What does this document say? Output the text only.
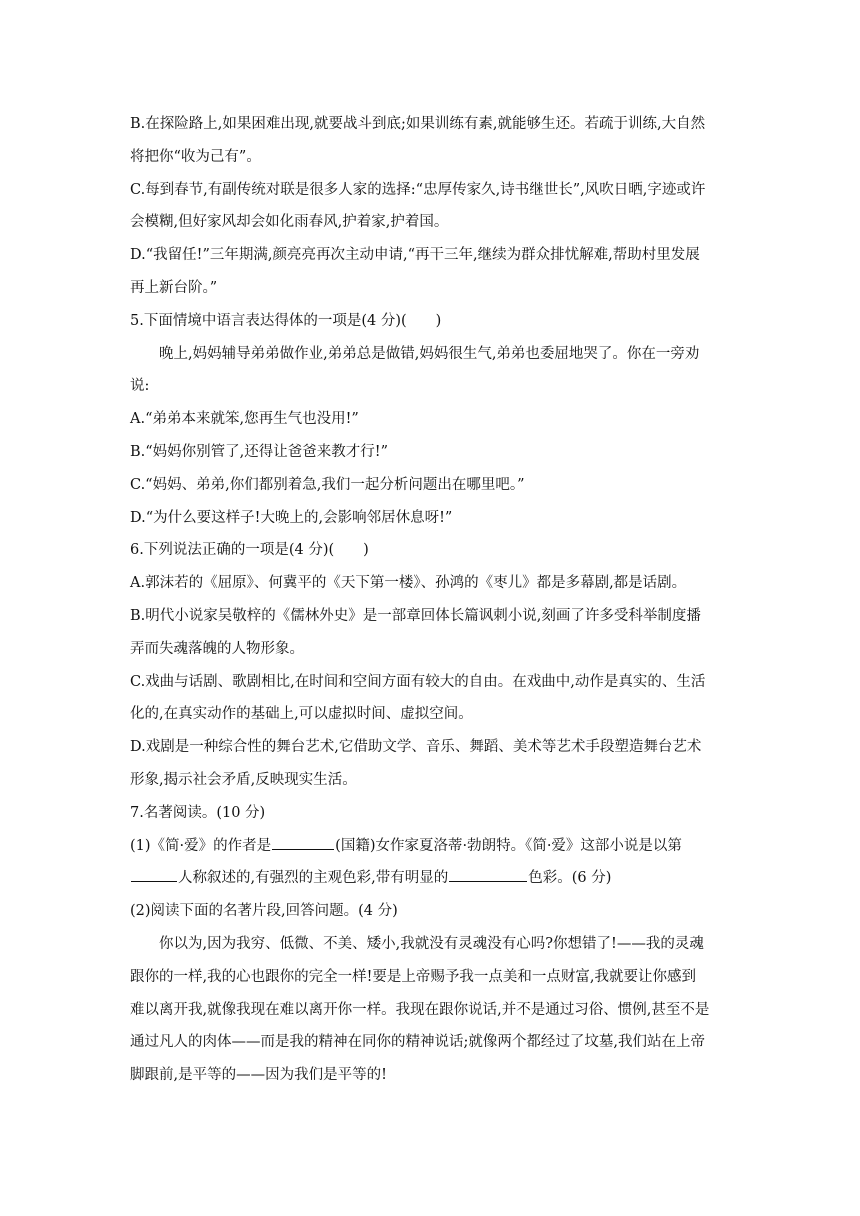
B.在探险路上,如果困难出现,就要战斗到底;如果训练有素,就能够生还。若疏于训练,大自然
将把你“收为己有”。
C.每到春节,有副传统对联是很多人家的选择:“忠厚传家久,诗书继世长”,风吹日晒,字迹或许
会模糊,但好家风却会如化雨春风,护着家,护着国。
D.“我留任!”三年期满,颜亮亮再次主动申请,“再干三年,继续为群众排忧解难,帮助村里发展
再上新台阶。”
5.下面情境中语言表达得体的一项是(4 分)(　　)
晚上,妈妈辅导弟弟做作业,弟弟总是做错,妈妈很生气,弟弟也委屈地哭了。你在一旁劝
说:
A.“弟弟本来就笨,您再生气也没用!”
B.“妈妈你别管了,还得让爸爸来教才行!”
C.“妈妈、弟弟,你们都别着急,我们一起分析问题出在哪里吧。”
D.“为什么要这样子!大晚上的,会影响邻居休息呀!”
6.下列说法正确的一项是(4 分)(　　)
A.郭沫若的《屈原》、何冀平的《天下第一楼》、孙鸿的《枣儿》都是多幕剧,都是话剧。
B.明代小说家吴敬梓的《儒林外史》是一部章回体长篇讽刺小说,刻画了许多受科举制度播
弄而失魂落魄的人物形象。
C.戏曲与话剧、歌剧相比,在时间和空间方面有较大的自由。在戏曲中,动作是真实的、生活
化的,在真实动作的基础上,可以虚拟时间、虚拟空间。
D.戏剧是一种综合性的舞台艺术,它借助文学、音乐、舞蹈、美术等艺术手段塑造舞台艺术
形象,揭示社会矛盾,反映现实生活。
7.名著阅读。(10 分)
(1)《简·爱》的作者是	(国籍)女作家夏洛蒂·勃朗特。《简·爱》这部小说是以第
人称叙述的,有强烈的主观色彩,带有明显的	色彩。(6 分)
(2)阅读下面的名著片段,回答问题。(4 分)
你以为,因为我穷、低微、不美、矮小,我就没有灵魂没有心吗?你想错了!——我的灵魂
跟你的一样,我的心也跟你的完全一样!要是上帝赐予我一点美和一点财富,我就要让你感到
难以离开我,就像我现在难以离开你一样。我现在跟你说话,并不是通过习俗、惯例,甚至不是
通过凡人的肉体——而是我的精神在同你的精神说话;就像两个都经过了坟墓,我们站在上帝
脚跟前,是平等的——因为我们是平等的!
